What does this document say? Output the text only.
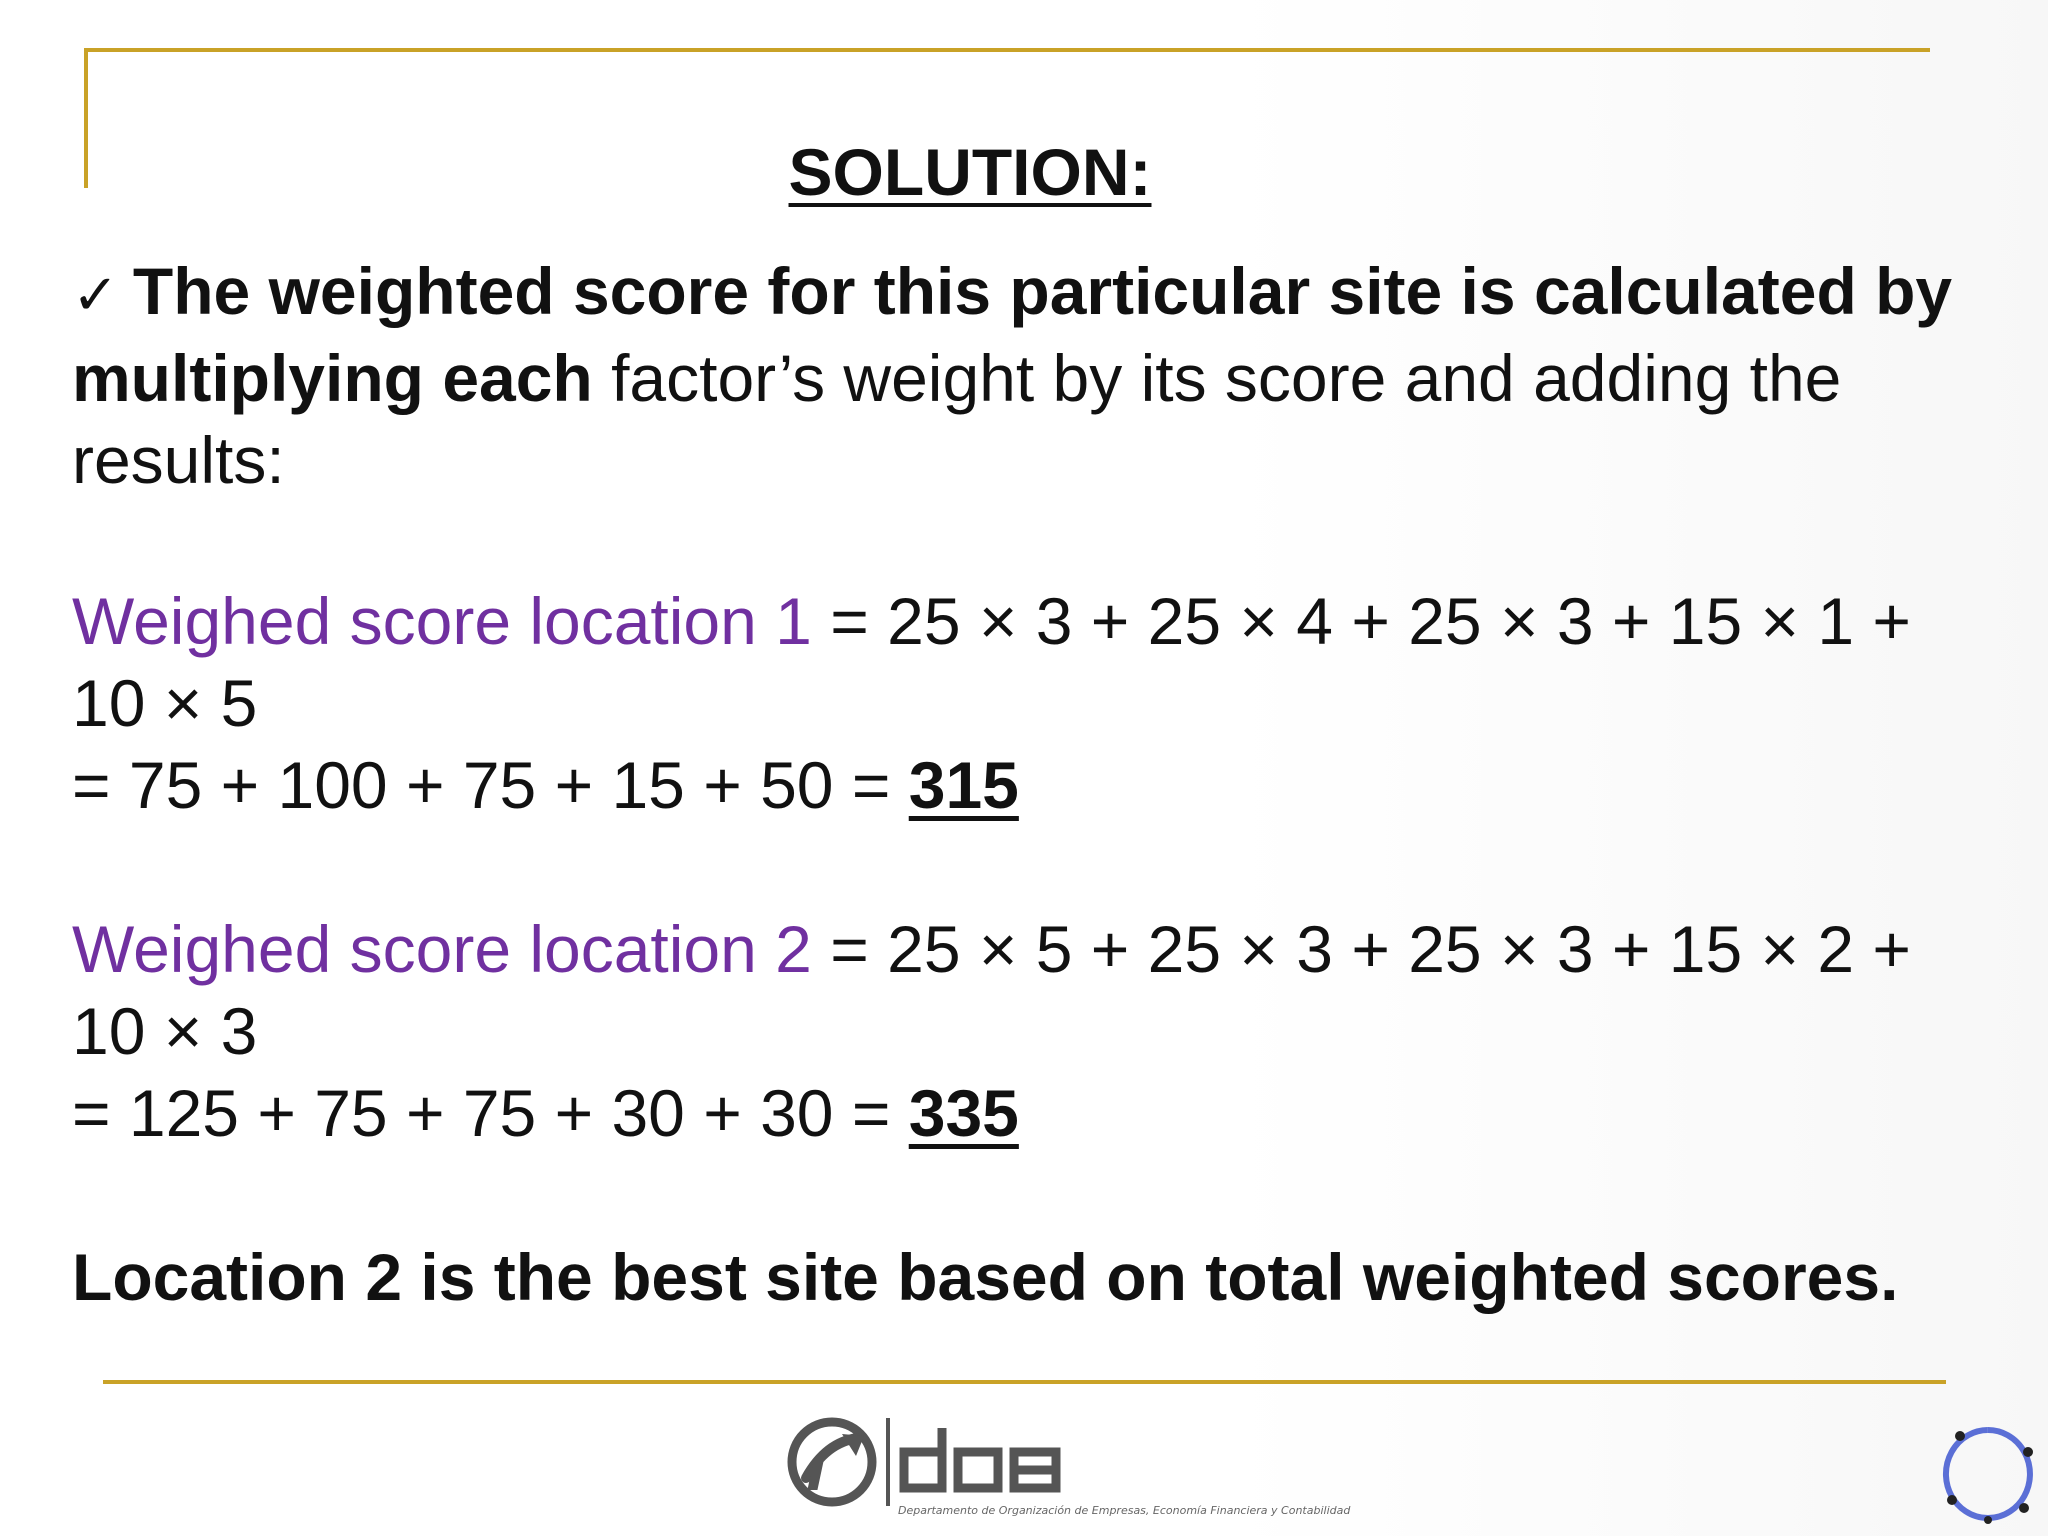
SOLUTION:
✓ The weighted score for this particular site is calculated by multiplying each factor’s weight by its score and adding the results:
Weighed score location 1 = 25 × 3 + 25 × 4 + 25 × 3 + 15 × 1 + 10 × 5
= 75 + 100 + 75 + 15 + 50 = 315
Weighed score location 2 = 25 × 5 + 25 × 3 + 25 × 3 + 15 × 2 + 10 × 3
= 125 + 75 + 75 + 30 + 30 = 335
Location 2 is the best site based on total weighted scores.
Departamento de Organización de Empresas, Economía Financiera y Contabilidad
